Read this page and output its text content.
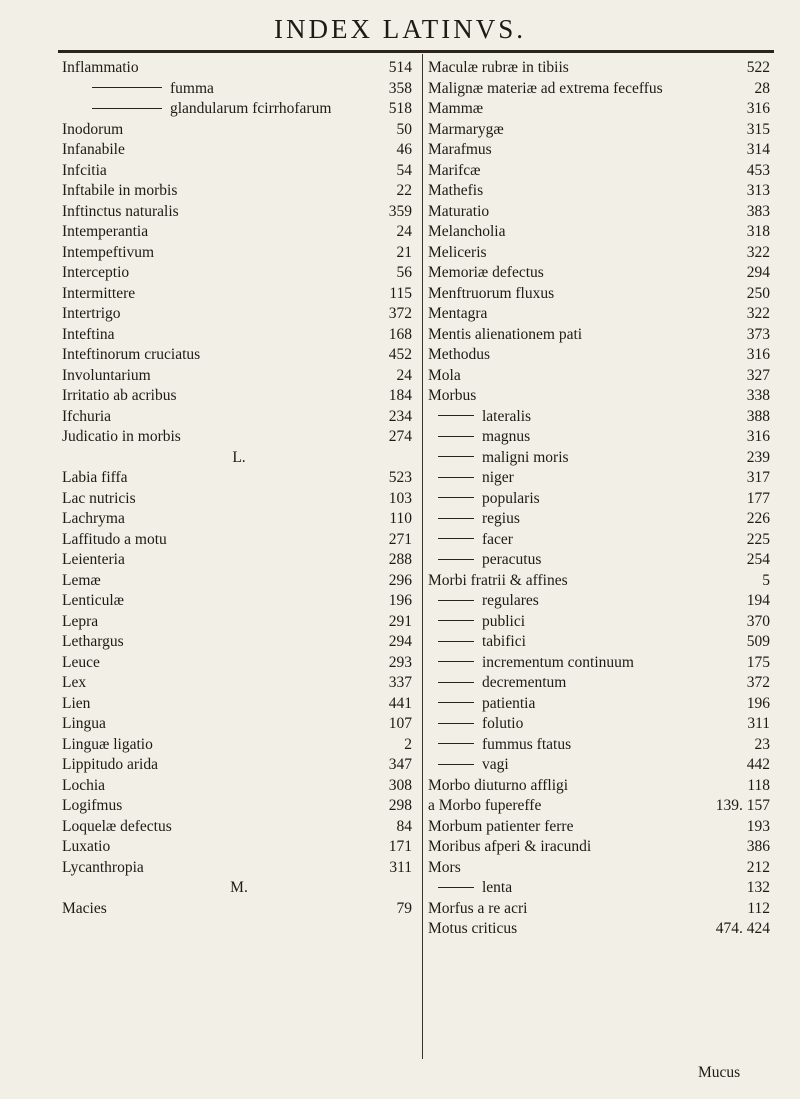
INDEX LATINVS.
Inflammatio	514
fumma	358
glandularum fcirrhofarum	518
Inodorum	50
Infanabile	46
Infcitia	54
Inftabile in morbis	22
Inftinctus naturalis	359
Intemperantia	24
Intempeftivum	21
Interceptio	56
Intermittere	115
Intertrigo	372
Inteftina	168
Inteftinorum cruciatus	452
Involuntarium	24
Irritatio ab acribus	184
Ifchuria	234
Judicatio in morbis	274
L.
Labia fiffa	523
Lac nutricis	103
Lachryma	110
Laffitudo a motu	271
Leienteria	288
Lemæ	296
Lenticulæ	196
Lepra	291
Lethargus	294
Leuce	293
Lex	337
Lien	441
Lingua	107
Linguæ ligatio	2
Lippitudo arida	347
Lochia	308
Logifmus	298
Loquelæ defectus	84
Luxatio	171
Lycanthropia	311
M.
Macies	79
Maculæ rubræ in tibiis	522
Malignæ materiæ ad extrema feceffus	28
Mammæ	316
Marmarygæ	315
Marafmus	314
Marifcæ	453
Mathefis	313
Maturatio	383
Melancholia	318
Meliceris	322
Memoriæ defectus	294
Menftruorum fluxus	250
Mentagra	322
Mentis alienationem pati	373
Methodus	316
Mola	327
Morbus	338
lateralis	388
magnus	316
maligni moris	239
niger	317
popularis	177
regius	226
facer	225
peracutus	254
Morbi fratrii & affines	5
regulares	194
publici	370
tabifici	509
incrementum continuum	175
decrementum	372
patientia	196
folutio	311
fummus ftatus	23
vagi	442
Morbo diuturno affligi	118
a Morbo fupereffe	139. 157
Morbum patienter ferre	193
Moribus afperi & iracundi	386
Mors	212
lenta	132
Morfus a re acri	112
Motus criticus	474. 424
Mucus
